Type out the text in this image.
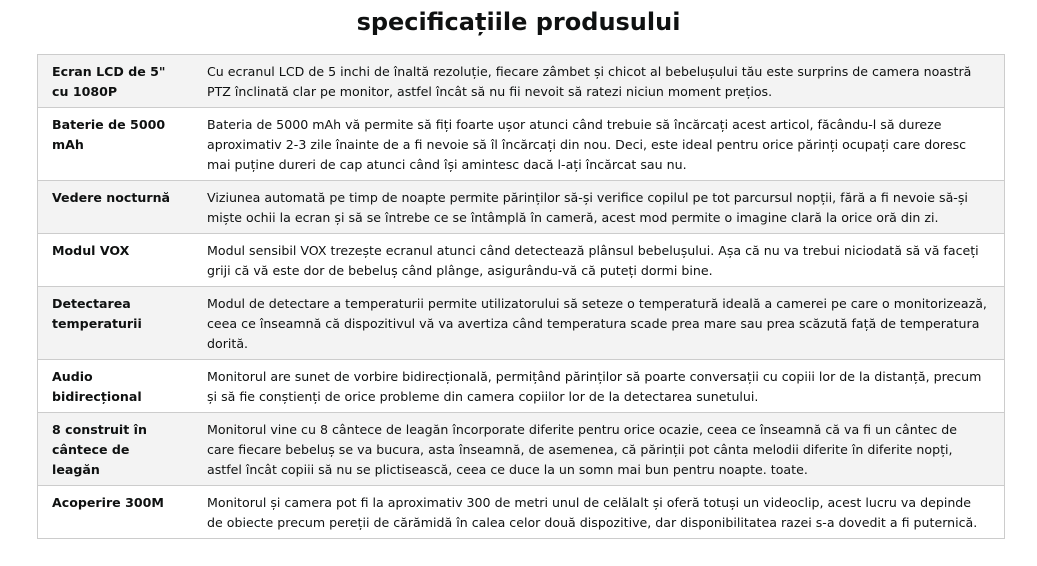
specificațiile produsului
Ecran LCD de 5" cu 1080P	Cu ecranul LCD de 5 inchi de înaltă rezoluție, fiecare zâmbet și chicot al bebelușului tău este surprins de camera noastră PTZ înclinată clar pe monitor, astfel încât să nu fii nevoit să ratezi niciun moment prețios.
Baterie de 5000 mAh	Bateria de 5000 mAh vă permite să fiți foarte ușor atunci când trebuie să încărcați acest articol, făcându-l să dureze aproximativ 2-3 zile înainte de a fi nevoie să îl încărcați din nou. Deci, este ideal pentru orice părinți ocupați care doresc mai puține dureri de cap atunci când își amintesc dacă l-ați încărcat sau nu.
Vedere nocturnă	Viziunea automată pe timp de noapte permite părinților să-și verifice copilul pe tot parcursul nopții, fără a fi nevoie să-și miște ochii la ecran și să se întrebe ce se întâmplă în cameră, acest mod permite o imagine clară la orice oră din zi.
Modul VOX	Modul sensibil VOX trezește ecranul atunci când detectează plânsul bebelușului. Așa că nu va trebui niciodată să vă faceți griji că vă este dor de bebeluș când plânge, asigurându-vă că puteți dormi bine.
Detectarea temperaturii	Modul de detectare a temperaturii permite utilizatorului să seteze o temperatură ideală a camerei pe care o monitorizează, ceea ce înseamnă că dispozitivul vă va avertiza când temperatura scade prea mare sau prea scăzută față de temperatura dorită.
Audio bidirecțional	Monitorul are sunet de vorbire bidirecțională, permițând părinților să poarte conversații cu copiii lor de la distanță, precum și să fie conștienți de orice probleme din camera copiilor lor de la detectarea sunetului.
8 construit în cântece de leagăn	Monitorul vine cu 8 cântece de leagăn încorporate diferite pentru orice ocazie, ceea ce înseamnă că va fi un cântec de care fiecare bebeluș se va bucura, asta înseamnă, de asemenea, că părinții pot cânta melodii diferite în diferite nopți, astfel încât copiii să nu se plictisească, ceea ce duce la un somn mai bun pentru noapte. toate.
Acoperire 300M	Monitorul și camera pot fi la aproximativ 300 de metri unul de celălalt și oferă totuși un videoclip, acest lucru va depinde de obiecte precum pereții de cărămidă în calea celor două dispozitive, dar disponibilitatea razei s-a dovedit a fi puternică.
